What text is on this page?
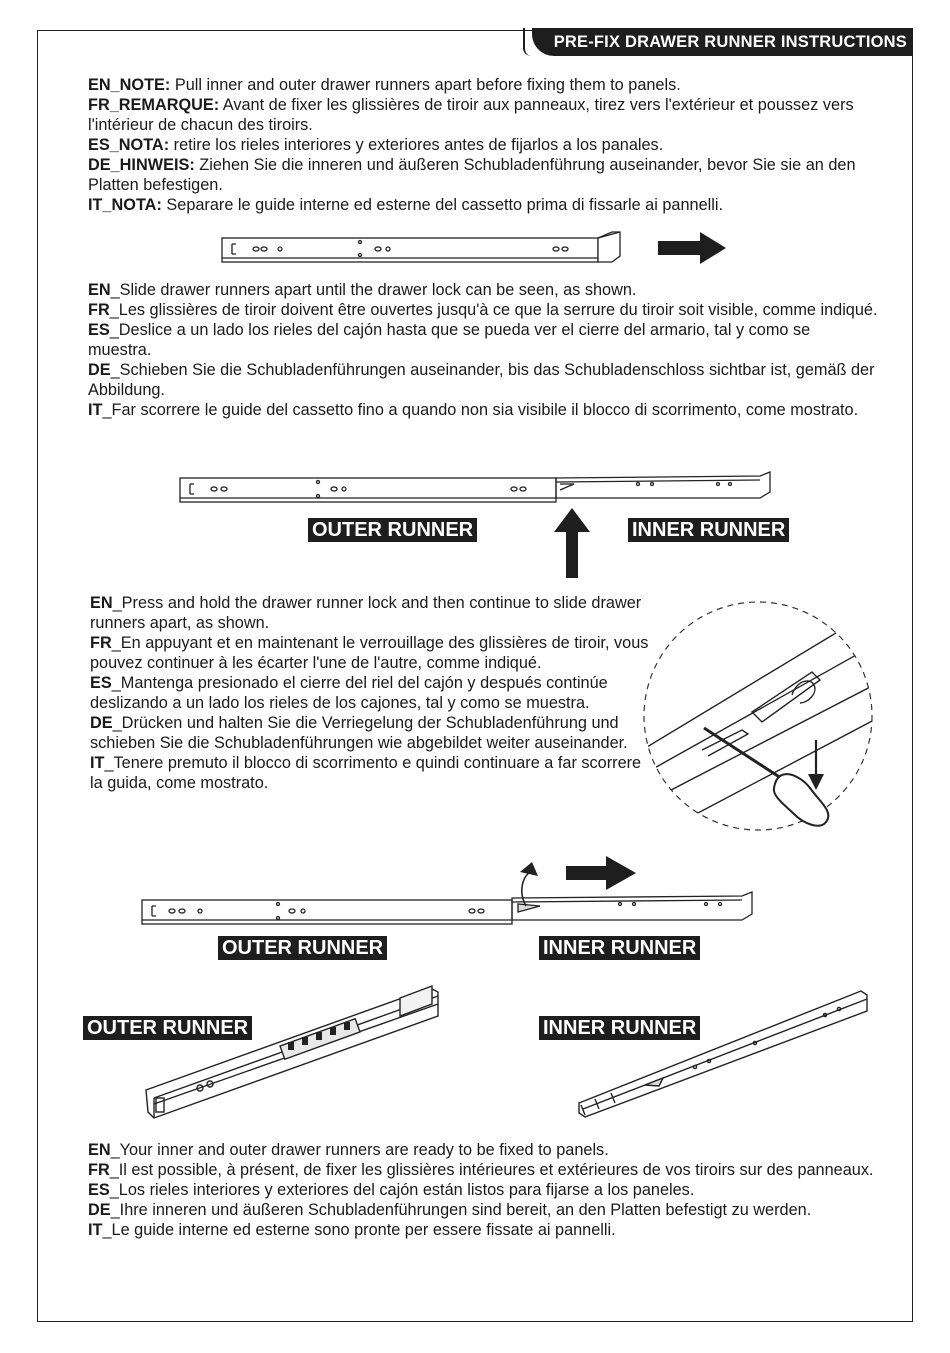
PRE-FIX DRAWER RUNNER INSTRUCTIONS

EN_NOTE: Pull inner and outer drawer runners apart before fixing them to panels.

FR_REMARQUE: Avant de fixer les glissières de tiroir aux panneaux, tirez vers l'extérieur et poussez vers l'intérieur de chacun des tiroirs.

ES_NOTA: retire los rieles interiores y exteriores antes de fijarlos a los panales.

DE_HINWEIS: Ziehen Sie die inneren und äußeren Schubladenführung auseinander, bevor Sie sie an den Platten befestigen.

IT_NOTA: Separare le guide interne ed esterne del cassetto prima di fissarle ai pannelli.

EN_Slide drawer runners apart until the drawer lock can be seen, as shown.

FR_Les glissières de tiroir doivent être ouvertes jusqu'à ce que la serrure du tiroir soit visible, comme indiqué.

ES_Deslice a un lado los rieles del cajón hasta que se pueda ver el cierre del armario, tal y como se muestra.

DE_Schieben Sie die Schubladenführungen auseinander, bis das Schubladenschloss sichtbar ist, gemäß der Abbildung.

IT_Far scorrere le guide del cassetto fino a quando non sia visibile il blocco di scorrimento, come mostrato.

OUTER RUNNER	INNER RUNNER

EN_Press and hold the drawer runner lock and then continue to slide drawer runners apart, as shown.

FR_En appuyant et en maintenant le verrouillage des glissières de tiroir, vous pouvez continuer à les écarter l'une de l'autre, comme indiqué.

ES_Mantenga presionado el cierre del riel del cajón y después continúe deslizando a un lado los rieles de los cajones, tal y como se muestra.

DE_Drücken und halten Sie die Verriegelung der Schubladenführung und schieben Sie die Schubladenführungen wie abgebildet weiter auseinander.

IT_Tenere premuto il blocco di scorrimento e quindi continuare a far scorrere la guida, come mostrato.

OUTER RUNNER	INNER RUNNER
OUTER RUNNER	INNER RUNNER

EN_Your inner and outer drawer runners are ready to be fixed to panels.

FR_Il est possible, à présent, de fixer les glissières intérieures et extérieures de vos tiroirs sur des panneaux.

ES_Los rieles interiores y exteriores del cajón están listos para fijarse a los paneles.

DE_Ihre inneren und äußeren Schubladenführungen sind bereit, an den Platten befestigt zu werden.

IT_Le guide interne ed esterne sono pronte per essere fissate ai pannelli.
